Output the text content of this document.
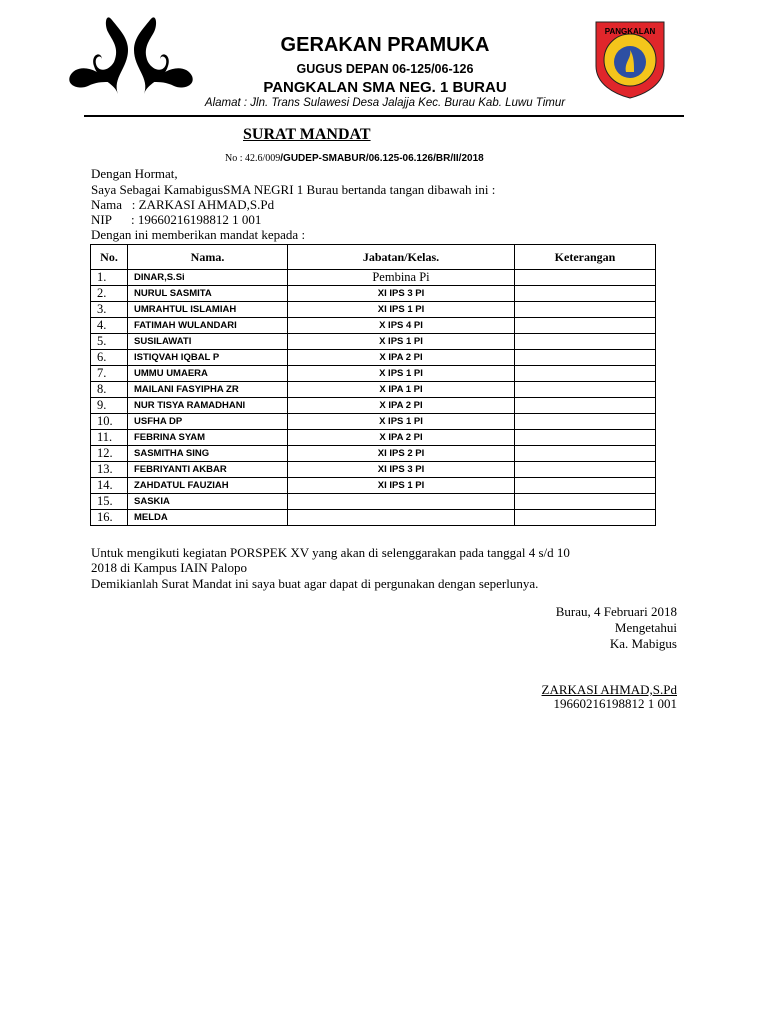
PANGKALAN
GERAKAN PRAMUKA
GUGUS DEPAN 06-125/06-126
PANGKALAN SMA NEG. 1 BURAU
Alamat : Jln. Trans Sulawesi Desa Jalajja Kec. Burau Kab. Luwu Timur
SURAT MANDAT
No : 42.6/009/GUDEP-SMABUR/06.125-06.126/BR/II/2018
Dengan Hormat,
Saya Sebagai KamabigusSMA NEGRI 1 Burau bertanda tangan dibawah ini :
Nama   : ZARKASI AHMAD,S.Pd
NIP      : 19660216198812 1 001
Dengan ini memberikan mandat kepada :
No.	Nama.	Jabatan/Kelas.	Keterangan
1.	DINAR,S.Si	Pembina Pi	
2.	NURUL SASMITA	XI IPS 3 PI	
3.	UMRAHTUL ISLAMIAH	XI IPS 1 PI	
4.	FATIMAH WULANDARI	X IPS 4 PI	
5.	SUSILAWATI	X IPS 1 PI	
6.	ISTIQVAH IQBAL P	X IPA 2 PI	
7.	UMMU UMAERA	X IPS 1 PI	
8.	MAILANI FASYIPHA ZR	X IPA 1 PI	
9.	NUR TISYA RAMADHANI	X IPA 2 PI	
10.	USFHA DP	X IPS 1 PI	
11.	FEBRINA SYAM	X IPA 2 PI	
12.	SASMITHA SING	XI IPS 2 PI	
13.	FEBRIYANTI AKBAR	XI IPS 3 PI	
14.	ZAHDATUL FAUZIAH	XI IPS 1 PI	
15.	SASKIA		
16.	MELDA		
Untuk mengikuti kegiatan PORSPEK XV yang akan di selenggarakan pada tanggal 4 s/d 10
2018 di Kampus IAIN Palopo
Demikianlah Surat Mandat ini saya buat agar dapat di pergunakan dengan seperlunya.
Burau, 4 Februari 2018
Mengetahui
Ka. Mabigus
ZARKASI AHMAD,S.Pd
19660216198812 1 001
